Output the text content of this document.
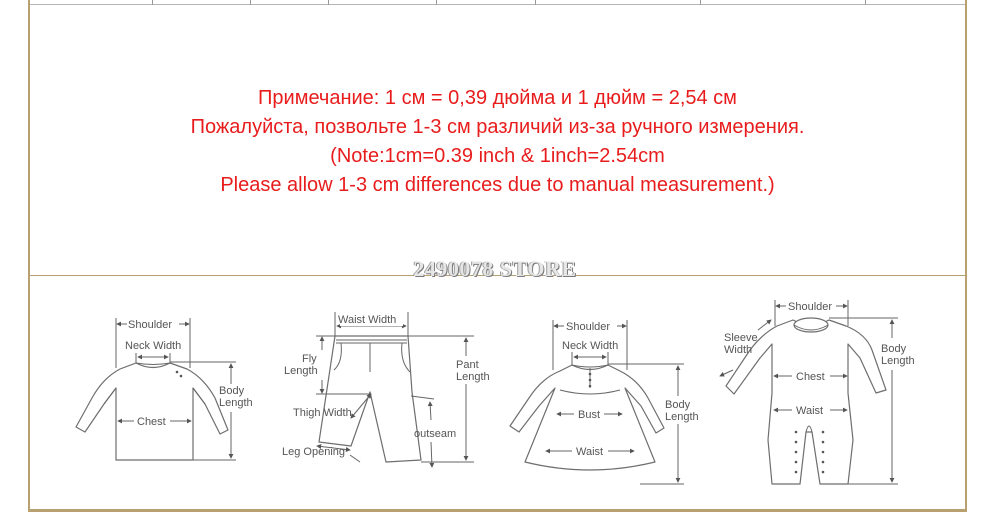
Примечание: 1 см = 0,39 дюйма и 1 дюйм = 2,54 см
Пожалуйста, позвольте 1-3 см различий из-за ручного измерения.
(Note:1cm=0.39 inch & 1inch=2.54cm
Please allow 1-3 cm differences due to manual measurement.)
2490078 STORE
Shoulder
Neck Width
Body
Length
Chest
Waist Width
Fly
Length	Pant
Length
Thigh Width
outseam
Leg Opening
Shoulder
Neck Width
Body
Length
Bust
Waist
Shoulder
Sleeve
Width	Body
Length
Chest
Waist
